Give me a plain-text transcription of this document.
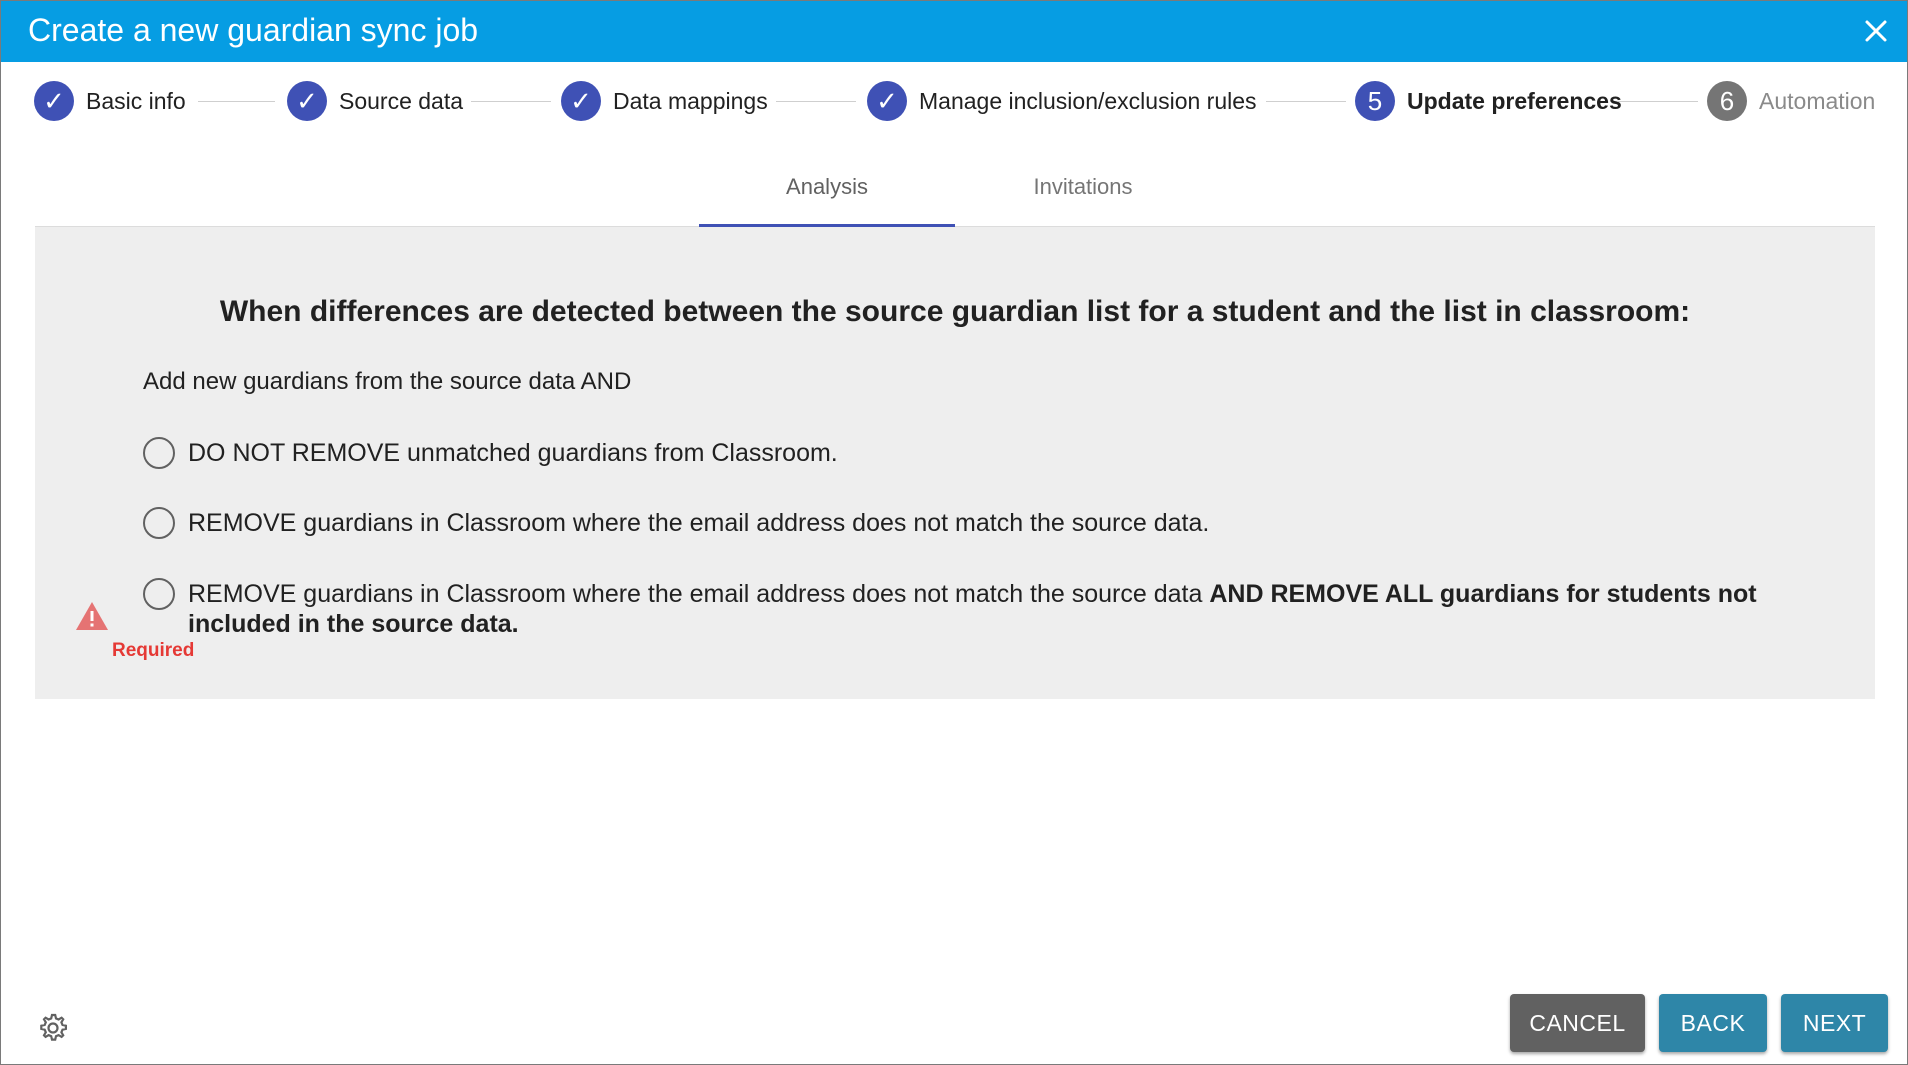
Create a new guardian sync job
✓ Basic info	✓ Source data	✓ Data mappings	✓ Manage inclusion/exclusion rules	5	Update preferences	6	Automation
Analysis	Invitations
When differences are detected between the source guardian list for a student and the list in classroom:
Add new guardians from the source data AND
DO NOT REMOVE unmatched guardians from Classroom.
REMOVE guardians in Classroom where the email address does not match the source data.
REMOVE guardians in Classroom where the email address does not match the source data AND REMOVE ALL guardians for students not included in the source data.
Required
CANCEL	BACK	NEXT
